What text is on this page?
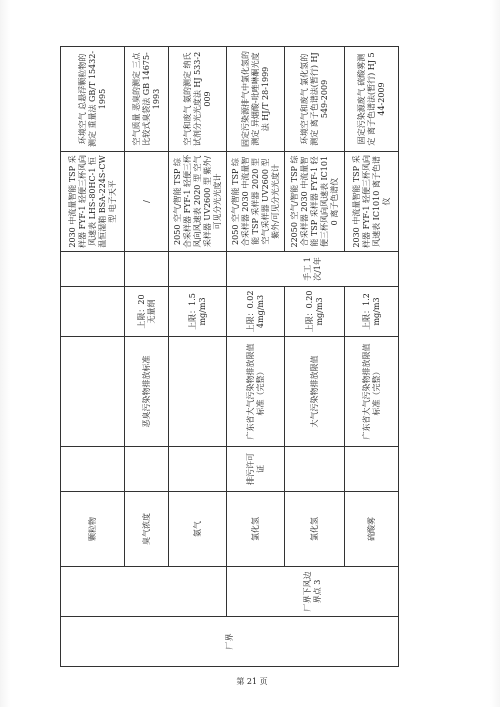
厂界		颗粒物					2030 中流量智能 TSP 采样器 FYF-1 轻便三杯风向风速表 LHS-80HC-1 恒温恒湿箱 BSA-224S-CW 型 电子天平	环境空气 总悬浮颗粒物的测定 重量法 GB/T 15432-1995
		臭气浓度		恶臭污染物排放标准	上限：20 无量纲		/	空气质量 恶臭的测定 三点比较式臭袋法 GB 14675-1993
		氨气			上限：1.5mg/m3		2050 空气/智能 TSP 综合采样器 FYF-1 轻便三杯风向风速表 2020 型 空气采样器 UV2600 型 紫外/可见分光光度计	空气和废气 氨的测定 纳氏试剂分光光度法 HJ 533-2009
	厂界下风边界点 3	氯化氢	排污许可证	广东省大气污染物排放限值标准（完整）	上限：0.024mg/m3	手工 1次/1年	2050 空气/智能 TSP 综合采样器 2030 中流量智能 TSP 采样器 2020 型 空气采样器 UV2600 型 紫外/可见分光光度计	固定污染源排气中氯化氢的测定 异烟酸-吡唑啉酮光度法 HJ/T 28-1999
		氯化氢		大气污染物排放限值	上限：0.20mg/m3		22050 空气/智能 TSP 综合采样器 2030 中流量智能 TSP 采样器 FYF-1 轻便三杯风向风速表 IC1010 离子色谱仪	环境空气和废气 氯化氢的测定 离子色谱法(暂行) HJ 549-2009
		硫酸雾		广东省大气污染物排放限值标准（完整）	上限：1.2mg/m3		2030 中流量智能 TSP 采样器 FYF-1 轻便三杯风向风速表 IC1010 离子色谱仪	固定污染源废气 硫酸雾测定 离子色谱法(暂行) HJ 544-2009
第 21 页
